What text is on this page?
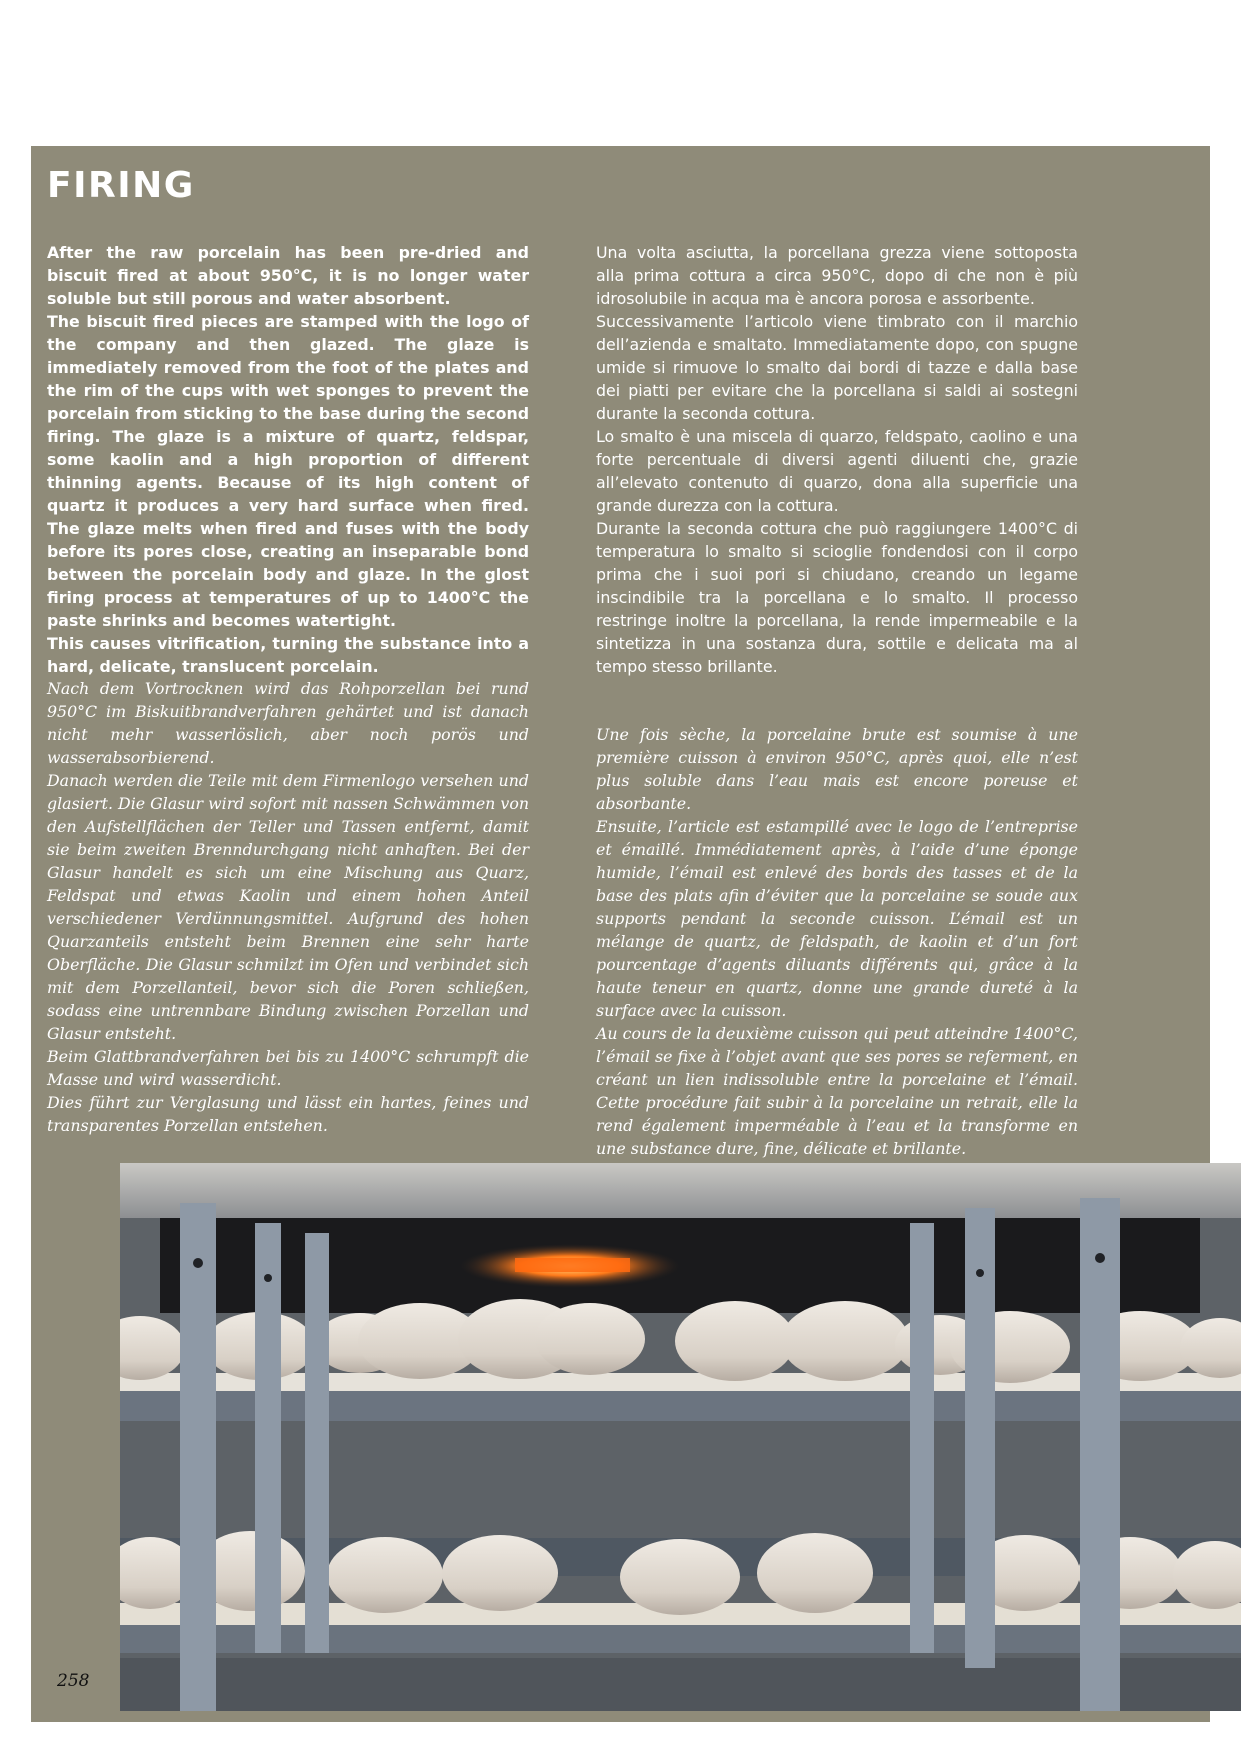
FIRING

After the raw porcelain has been pre-dried and biscuit fired at about 950°C, it is no longer water soluble but still porous and water absorbent.
The biscuit fired pieces are stamped with the logo of the company and then glazed. The glaze is immediately removed from the foot of the plates and the rim of the cups with wet sponges to prevent the porcelain from sticking to the base during the second firing. The glaze is a mixture of quartz, feldspar, some kaolin and a high proportion of different thinning agents. Because of its high content of quartz it produces a very hard surface when fired. The glaze melts when fired and fuses with the body before its pores close, creating an inseparable bond between the porcelain body and glaze. In the glost firing process at temperatures of up to 1400°C the paste shrinks and becomes watertight.
This causes vitrification, turning the substance into a hard, delicate, translucent porcelain.

Una volta asciutta, la porcellana grezza viene sottoposta alla prima cottura a circa 950°C, dopo di che non è più idrosolubile in acqua ma è ancora porosa e assorbente.
Successivamente l’articolo viene timbrato con il marchio dell’azienda e smaltato. Immediatamente dopo, con spugne umide si rimuove lo smalto dai bordi di tazze e dalla base dei piatti per evitare che la porcellana si saldi ai sostegni durante la seconda cottura.
Lo smalto è una miscela di quarzo, feldspato, caolino e una forte percentuale di diversi agenti diluenti che, grazie all’elevato contenuto di quarzo, dona alla superficie una grande durezza con la cottura.
Durante la seconda cottura che può raggiungere 1400°C di temperatura lo smalto si scioglie fondendosi con il corpo prima che i suoi pori si chiudano, creando un legame inscindibile tra la porcellana e lo smalto. Il processo restringe inoltre la porcellana, la rende impermeabile e la sintetizza in una sostanza dura, sottile e delicata ma al tempo stesso brillante.

Nach dem Vortrocknen wird das Rohporzellan bei rund 950°C im Biskuitbrandverfahren gehärtet und ist danach nicht mehr wasserlöslich, aber noch porös und wasserabsorbierend.
Danach werden die Teile mit dem Firmenlogo versehen und glasiert. Die Glasur wird sofort mit nassen Schwämmen von den Aufstellflächen der Teller und Tassen entfernt, damit sie beim zweiten Brenndurchgang nicht anhaften. Bei der Glasur handelt es sich um eine Mischung aus Quarz, Feldspat und etwas Kaolin und einem hohen Anteil verschiedener Verdünnungsmittel. Aufgrund des hohen Quarzanteils entsteht beim Brennen eine sehr harte Oberfläche. Die Glasur schmilzt im Ofen und verbindet sich mit dem Porzellanteil, bevor sich die Poren schließen, sodass eine untrennbare Bindung zwischen Porzellan und Glasur entsteht.
Beim Glattbrandverfahren bei bis zu 1400°C schrumpft die Masse und wird wasserdicht.
Dies führt zur Verglasung und lässt ein hartes, feines und transparentes Porzellan entstehen.

Une fois sèche, la porcelaine brute est soumise à une première cuisson à environ 950°C, après quoi, elle n’est plus soluble dans l’eau mais est encore poreuse et absorbante.
Ensuite, l’article est estampillé avec le logo de l’entreprise et émaillé. Immédiatement après, à l’aide d’une éponge humide, l’émail est enlevé des bords des tasses et de la base des plats afin d’éviter que la porcelaine se soude aux supports pendant la seconde cuisson. L’émail est un mélange de quartz, de feldspath, de kaolin et d’un fort pourcentage d’agents diluants différents qui, grâce à la haute teneur en quartz, donne une grande dureté à la surface avec la cuisson.
Au cours de la deuxième cuisson qui peut atteindre 1400°C, l’émail se fixe à l’objet avant que ses pores se referment, en créant un lien indissoluble entre la porcelaine et l’émail. Cette procédure fait subir à la porcelaine un retrait, elle la rend également imperméable à l’eau et la transforme en une substance dure, fine, délicate et brillante.

258
